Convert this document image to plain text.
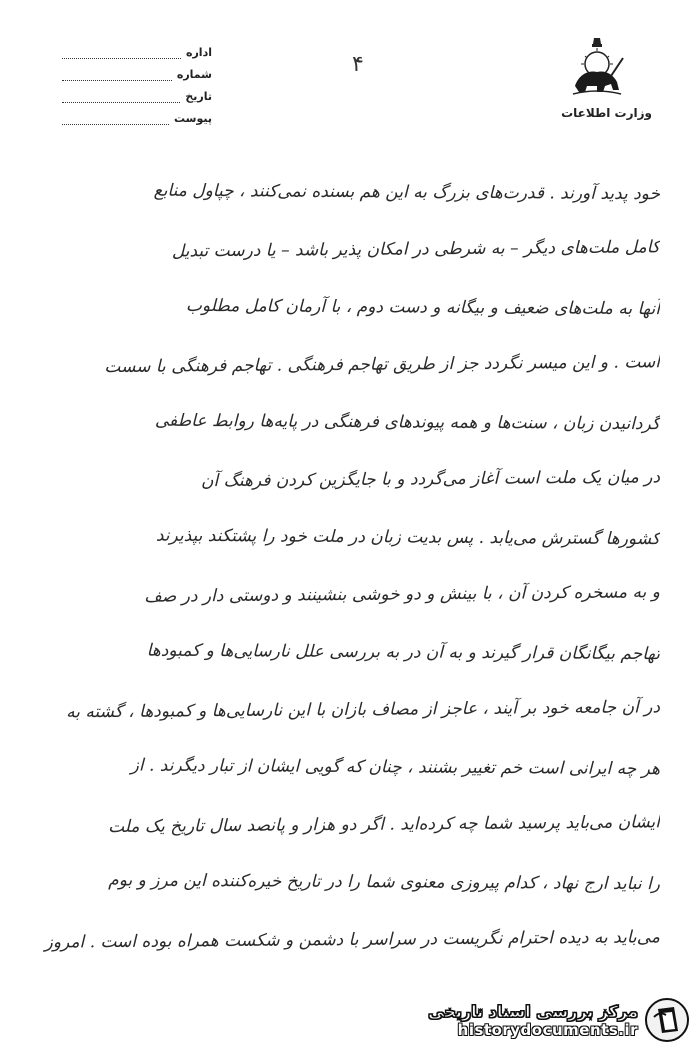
اداره
شماره
تاریخ
پیوست
۴
وزارت اطلاعات
خود پدید آورند . قدرت‌های بزرگ به این هم بسنده نمی‌کنند ، چپاول منابع
کامل ملت‌های دیگر – به شرطی در امکان پذیر باشد – یا درست تبدیل
آنها به ملت‌های ضعیف و بیگانه و دست دوم ، با آرمان کامل مطلوب
است . و این میسر نگردد جز از طریق تهاجم فرهنگی . تهاجم فرهنگی با سست
گردانیدن زبان ، سنت‌ها و همه پیوندهای فرهنگی در پایه‌ها روابط عاطفی
در میان یک ملت است آغاز می‌گردد و با جایگزین کردن فرهنگ آن
کشورها گسترش می‌یابد . پس بدیت زبان در ملت خود را پشتکند بپذیرند
و به مسخره کردن آن ، با بینش و دو خوشی بنشینند و دوستی دار در صف
تهاجم بیگانگان قرار گیرند و به آن در به بررسی علل نارسایی‌ها و کمبودها
در آن جامعه خود بر آیند ، عاجز از مصاف بازان با این نارسایی‌ها و کمبودها ، گشته به
هر چه ایرانی است خم تغییر بشنند ، چنان که گویی ایشان از تبار دیگرند . از
ایشان می‌باید پرسید شما چه کرده‌اید . اگر دو هزار و پانصد سال تاریخ یک ملت
را نباید ارج نهاد ، کدام پیروزی معنوی شما را در تاریخ خیره‌کننده این مرز و بوم
می‌باید به دیده احترام نگریست در سراسر با دشمن و شکست همراه بوده است . امروز
مرکز بررسی اسناد تاریخی
historydocuments.ir
